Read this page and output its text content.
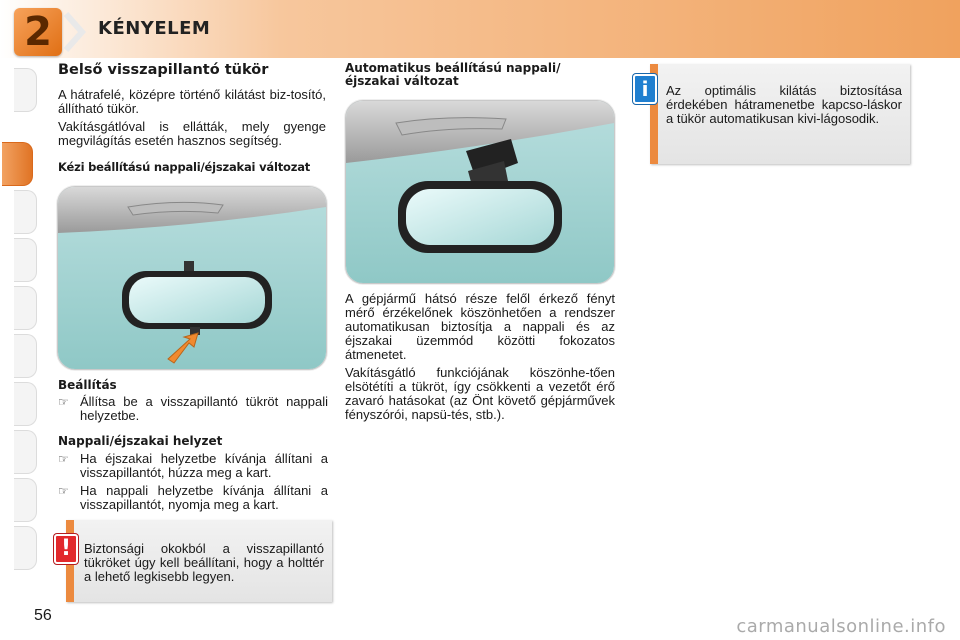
2	KÉNYELEM
Belső visszapillantó tükör

A hátrafelé, középre történő kilátást biz-tosító, állítható tükör.

Vakításgátlóval is ellátták, mely gyenge megvilágítás esetén hasznos segítség.

Kézi beállítású nappali/éjszakai változat
Beállítás
☞ Állítsa be a visszapillantó tükröt nappali helyzetbe.
Nappali/éjszakai helyzet
☞ Ha éjszakai helyzetbe kívánja állítani a visszapillantót, húzza meg a kart.
☞ Ha nappali helyzetbe kívánja állítani a visszapillantót, nyomja meg a kart.
Biztonsági okokból a visszapillantó tükröket úgy kell beállítani, hogy a holttér a lehető legkisebb legyen.
!
Automatikus beállítású nappali/ éjszakai változat

A gépjármű hátsó része felől érkező fényt mérő érzékelőnek köszönhetően a rendszer automatikusan biztosítja a nappali és az éjszakai üzemmód közötti fokozatos átmenetet.

Vakításgátló funkciójának köszönhe-tően elsötétíti a tükröt, így csökkenti a vezetőt érő zavaró hatásokat (az Önt követő gépjárművek fényszórói, napsü-tés, stb.).

Az optimális kilátás biztosítása érdekében hátramenetbe kapcso-láskor a tükör automatikusan kivi-lágosodik.
i
56
carmanualsonline.info
